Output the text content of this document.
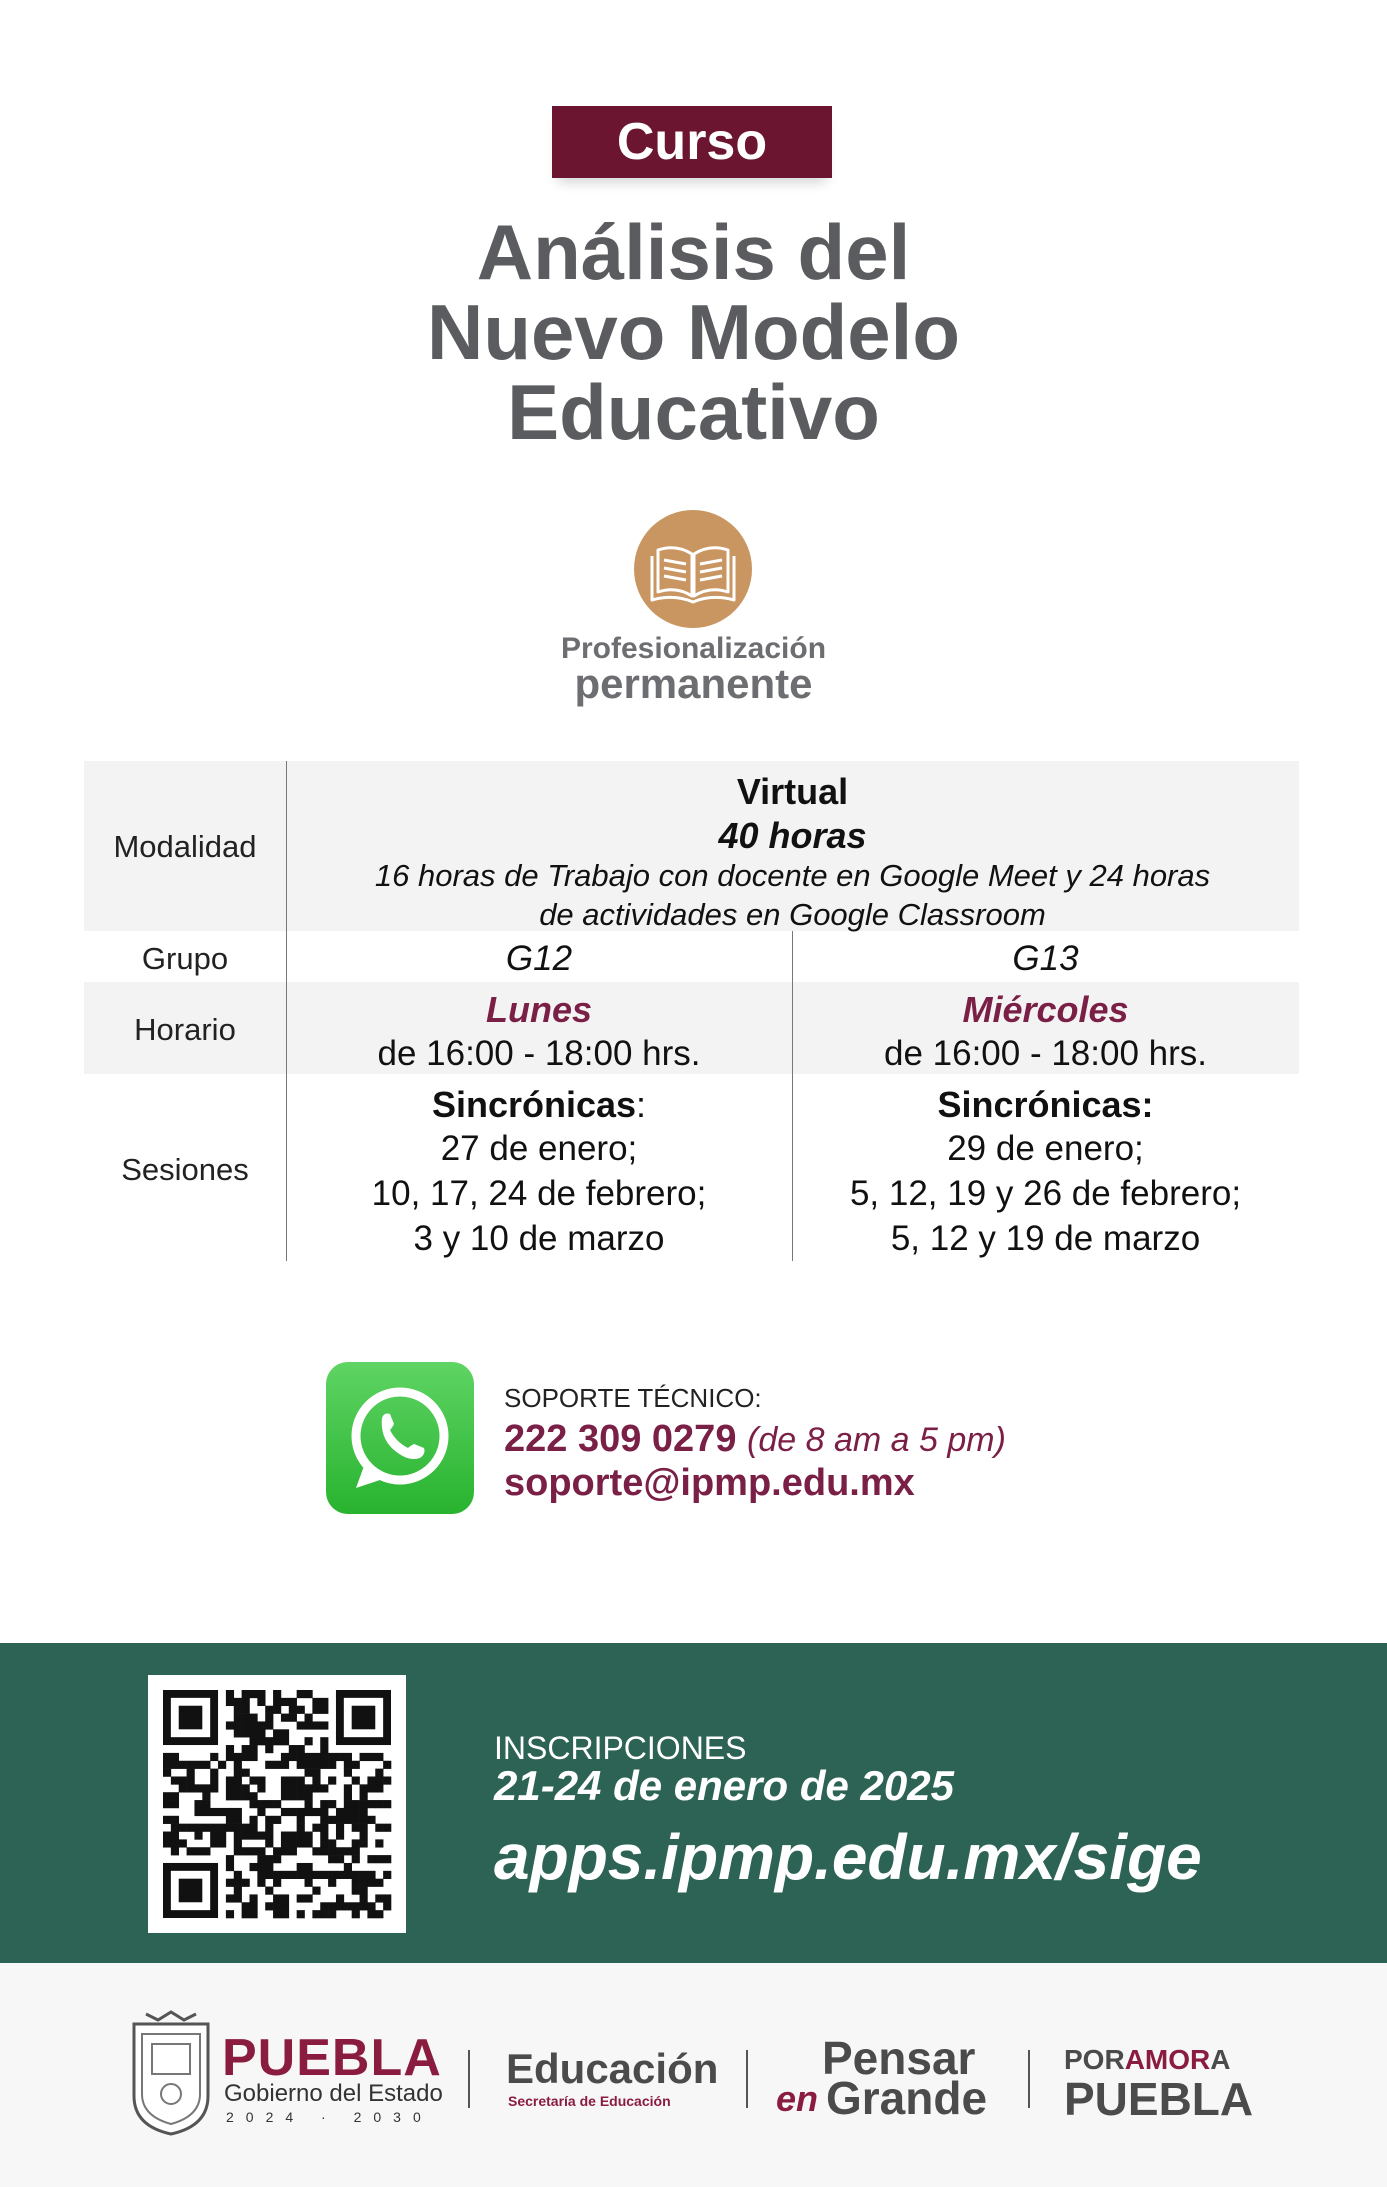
Curso
Análisis del
Nuevo Modelo
Educativo
Profesionalización
permanente
Modalidad
Grupo
Horario
Sesiones
Virtual
40 horas
16 horas de Trabajo con docente en Google Meet y 24 horas
de actividades en Google Classroom
G12	G13
Lunes
de 16:00 - 18:00 hrs.
Miércoles
de 16:00 - 18:00 hrs.
Sincrónicas:
27 de enero;
10, 17, 24 de febrero;
3 y 10 de marzo
Sincrónicas:
29 de enero;
5, 12, 19 y 26 de febrero;
5, 12 y 19 de marzo
SOPORTE TÉCNICO:
222 309 0279 (de 8 am a 5 pm)
soporte@ipmp.edu.mx
INSCRIPCIONES
21-24 de enero de 2025
apps.ipmp.edu.mx/sige
PUEBLA
Gobierno del Estado
2024 · 2030
Educación
Secretaría de Educación
Pensar
en Grande
PORAMORA
PUEBLA
